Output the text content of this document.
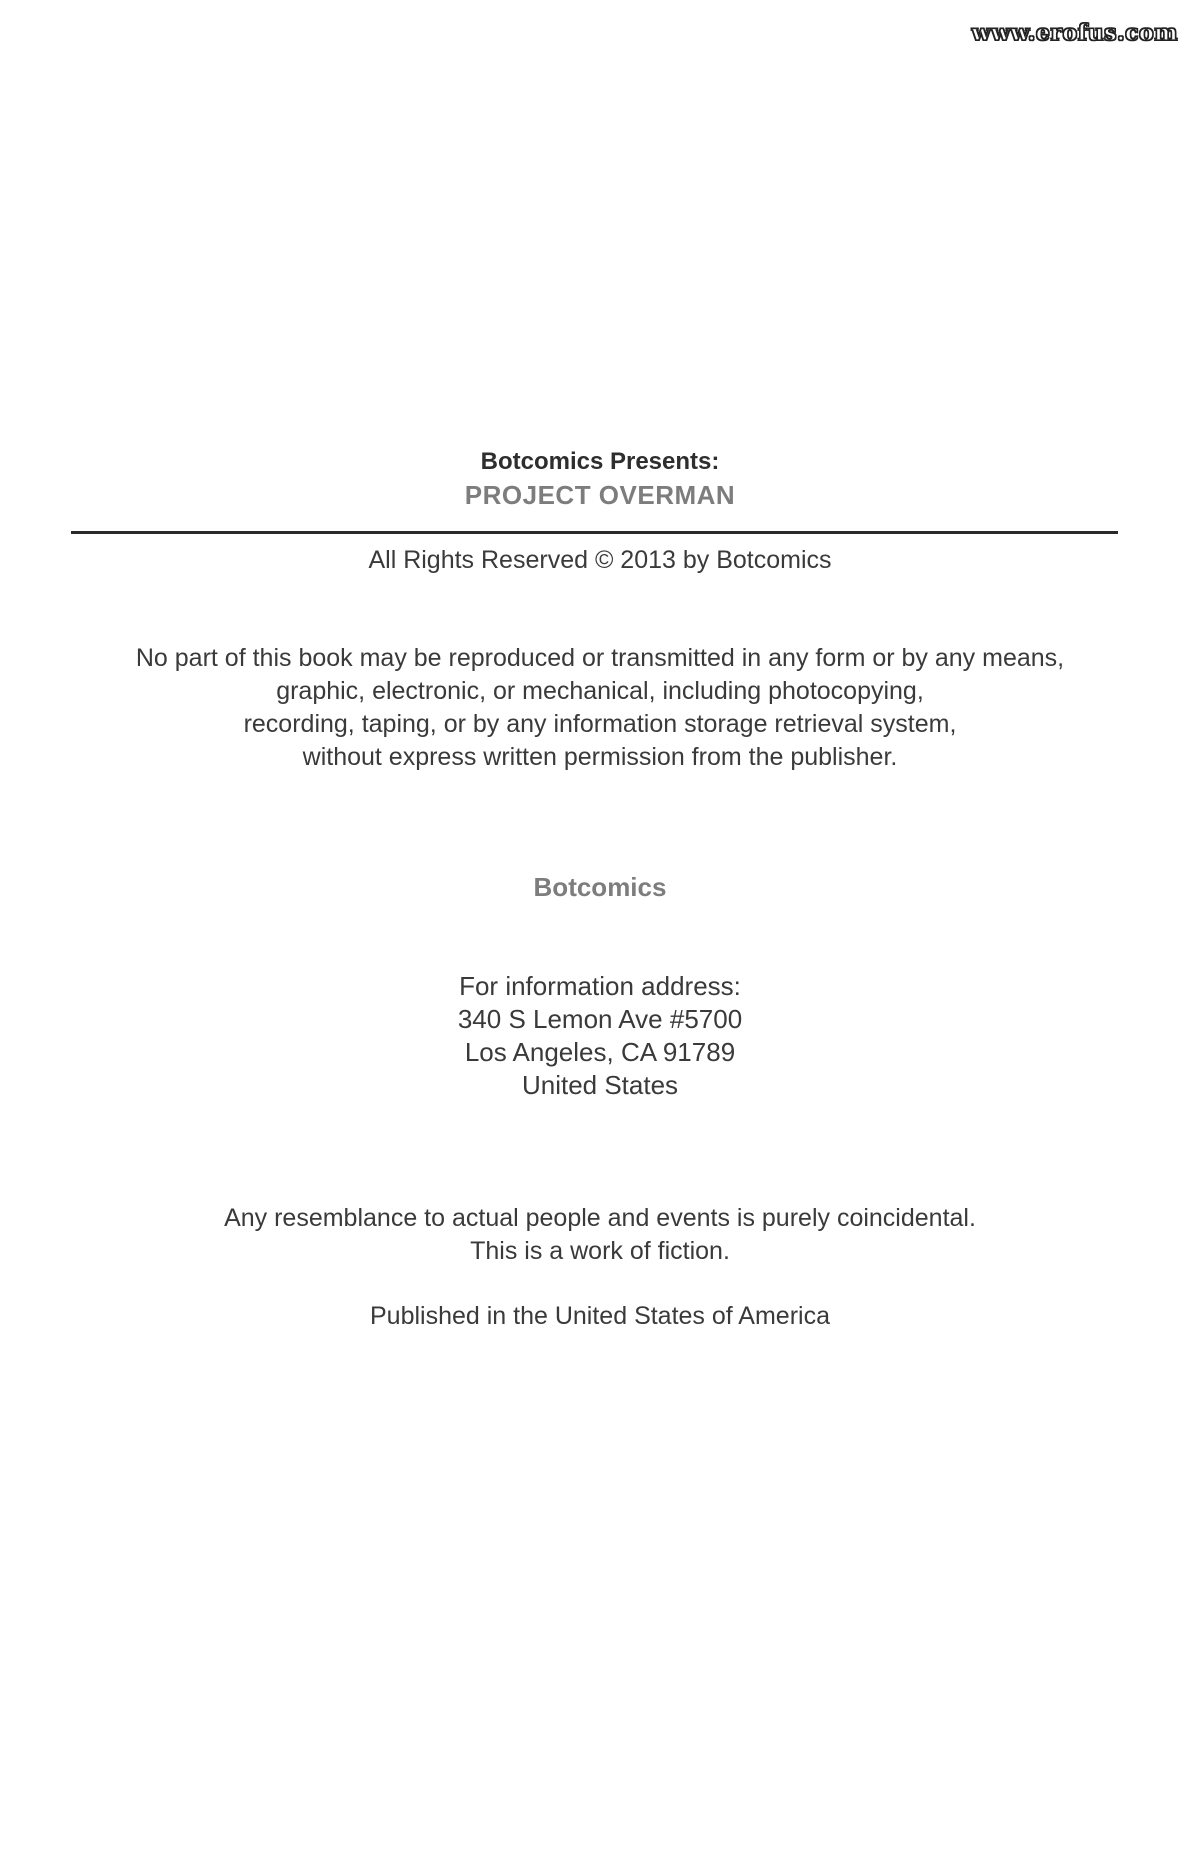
www.erofus.com
Botcomics Presents:
PROJECT OVERMAN
All Rights Reserved © 2013 by Botcomics
No part of this book may be reproduced or transmitted in any form or by any means,
graphic, electronic, or mechanical, including photocopying,
recording, taping, or by any information storage retrieval system,
without express written permission from the publisher.
Botcomics
For information address:
340 S Lemon Ave #5700
Los Angeles, CA 91789
United States
Any resemblance to actual people and events is purely coincidental.
This is a work of fiction.
Published in the United States of America
